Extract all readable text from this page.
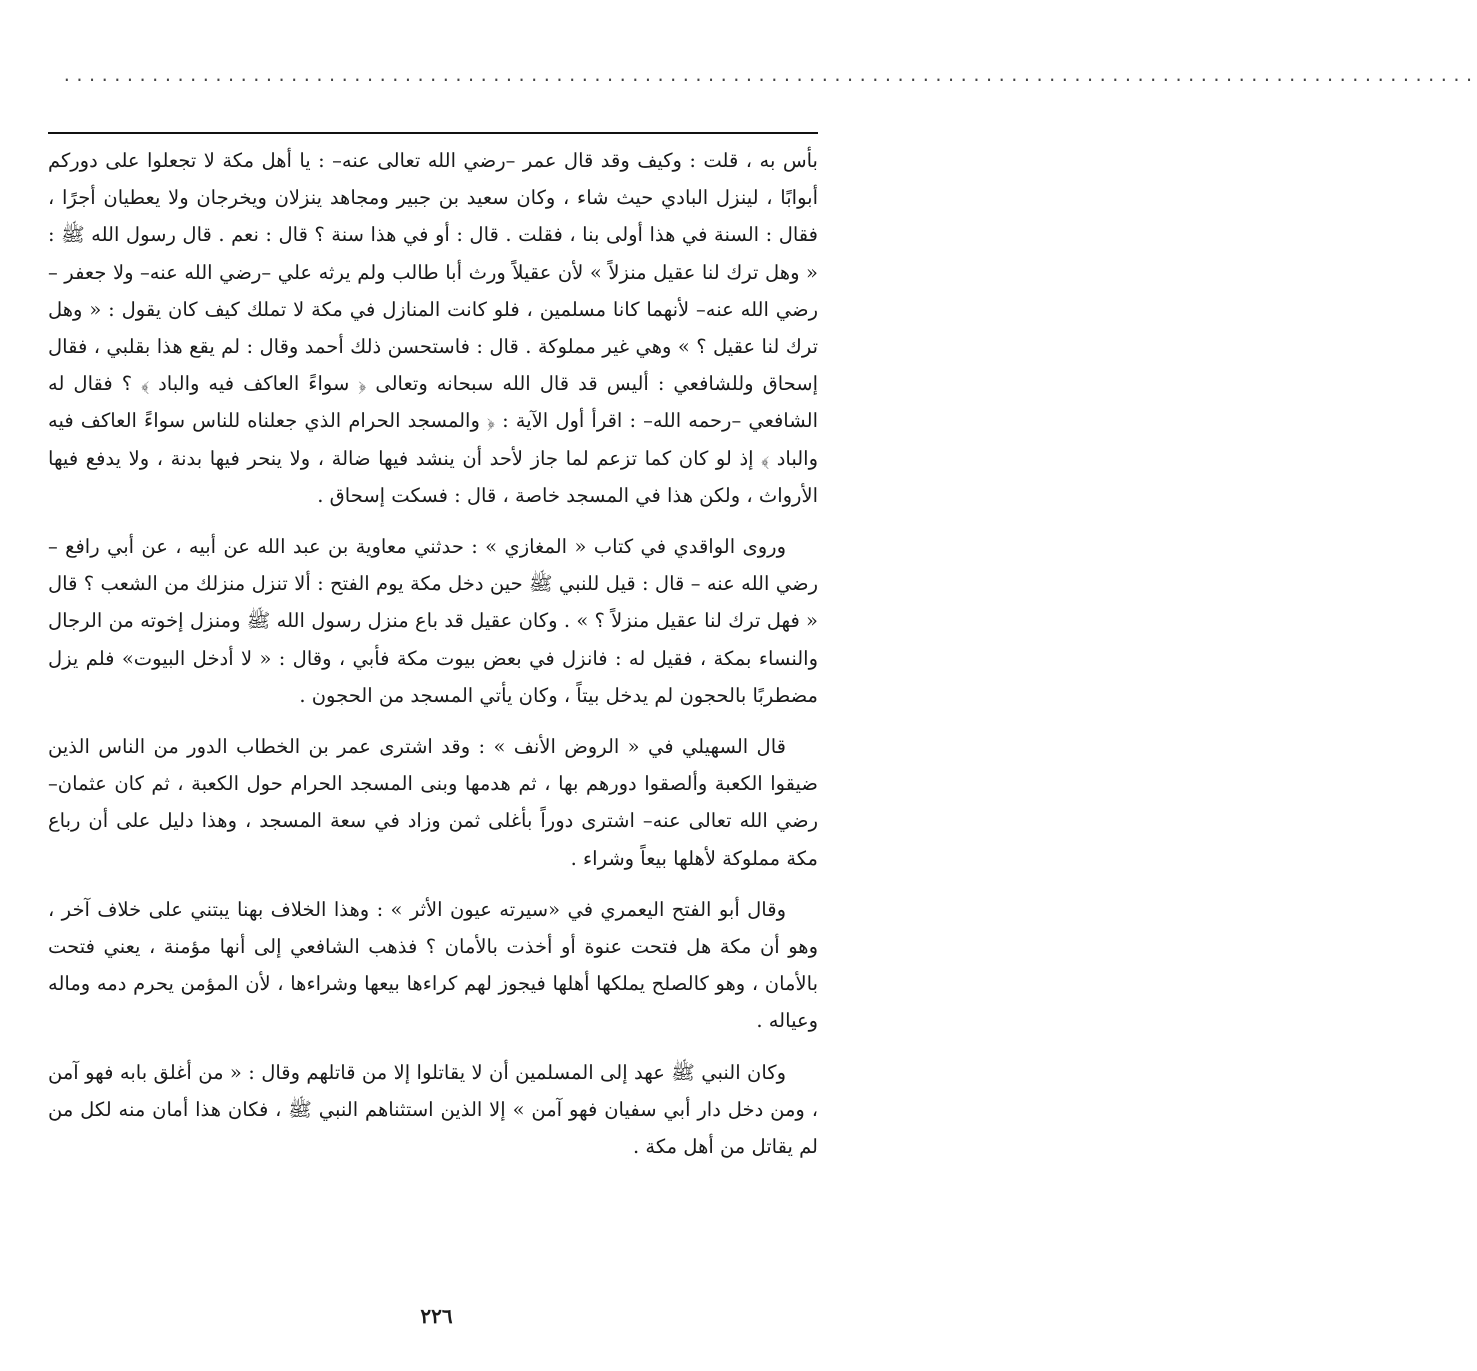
................................................................................................................

بأس به ، قلت : وكيف وقد قال عمر –رضي الله تعالى عنه– : يا أهل مكة لا تجعلوا على دوركم أبوابًا ، لينزل البادي حيث شاء ، وكان سعيد بن جبير ومجاهد ينزلان ويخرجان ولا يعطيان أجرًا ، فقال : السنة في هذا أولى بنا ، فقلت . قال : أو في هذا سنة ؟ قال : نعم . قال رسول الله ﷺ : « وهل ترك لنا عقيل منزلاً » لأن عقيلاً ورث أبا طالب ولم يرثه علي –رضي الله عنه– ولا جعفر –رضي الله عنه– لأنهما كانا مسلمين ، فلو كانت المنازل في مكة لا تملك كيف كان يقول : « وهل ترك لنا عقيل ؟ » وهي غير مملوكة . قال : فاستحسن ذلك أحمد وقال : لم يقع هذا بقلبي ، فقال إسحاق وللشافعي : أليس قد قال الله سبحانه وتعالى ﴿ سواءً العاكف فيه والباد ﴾ ؟ فقال له الشافعي –رحمه الله– : اقرأ أول الآية : ﴿ والمسجد الحرام الذي جعلناه للناس سواءً العاكف فيه والباد ﴾ إذ لو كان كما تزعم لما جاز لأحد أن ينشد فيها ضالة ، ولا ينحر فيها بدنة ، ولا يدفع فيها الأرواث ، ولكن هذا في المسجد خاصة ، قال : فسكت إسحاق .

وروى الواقدي في كتاب « المغازي » : حدثني معاوية بن عبد الله عن أبيه ، عن أبي رافع –رضي الله عنه – قال : قيل للنبي ﷺ حين دخل مكة يوم الفتح : ألا تنزل منزلك من الشعب ؟ قال « فهل ترك لنا عقيل منزلاً ؟ » . وكان عقيل قد باع منزل رسول الله ﷺ ومنزل إخوته من الرجال والنساء بمكة ، فقيل له : فانزل في بعض بيوت مكة فأبي ، وقال : « لا أدخل البيوت» فلم يزل مضطربًا بالحجون لم يدخل بيتاً ، وكان يأتي المسجد من الحجون .

قال السهيلي في « الروض الأنف » : وقد اشترى عمر بن الخطاب الدور من الناس الذين ضيقوا الكعبة وألصقوا دورهم بها ، ثم هدمها وبنى المسجد الحرام حول الكعبة ، ثم كان عثمان– رضي الله تعالى عنه– اشترى دوراً بأغلى ثمن وزاد في سعة المسجد ، وهذا دليل على أن رباع مكة مملوكة لأهلها بيعاً وشراء .

وقال أبو الفتح اليعمري في «سيرته عيون الأثر » : وهذا الخلاف بهنا يبتني على خلاف آخر ، وهو أن مكة هل فتحت عنوة أو أخذت بالأمان ؟ فذهب الشافعي إلى أنها مؤمنة ، يعني فتحت بالأمان ، وهو كالصلح يملكها أهلها فيجوز لهم كراءها بيعها وشراءها ، لأن المؤمن يحرم دمه وماله وعياله .

وكان النبي ﷺ عهد إلى المسلمين أن لا يقاتلوا إلا من قاتلهم وقال : « من أغلق بابه فهو آمن ، ومن دخل دار أبي سفيان فهو آمن » إلا الذين استثناهم النبي ﷺ ، فكان هذا أمان منه لكل من لم يقاتل من أهل مكة .

٢٢٦
